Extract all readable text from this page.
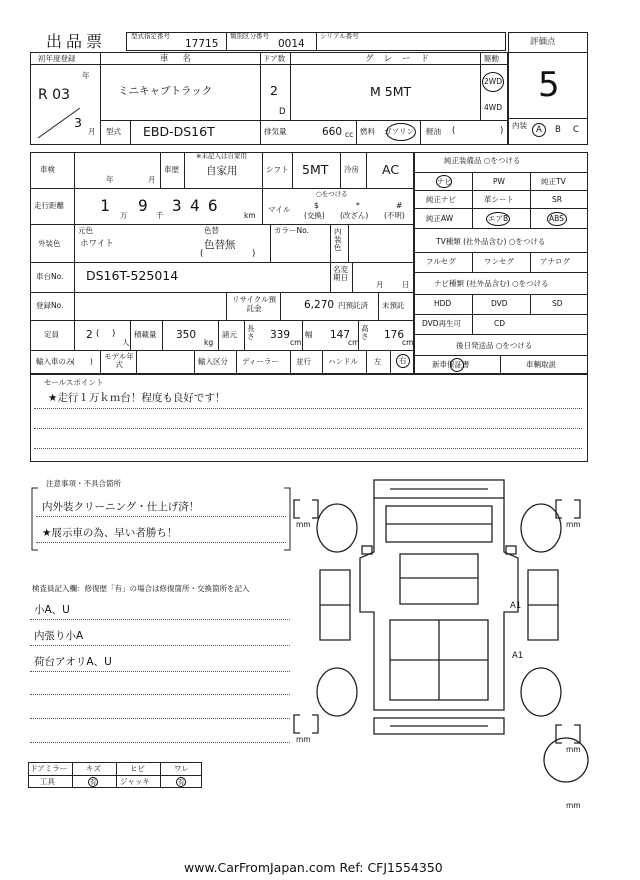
出品票	型式指定番号
17715
類別区分番号
0014
シリアル番号
評価点
5
内装 A B C
初年度登録
年
R 03
3
月
車名
ミニキャブトラック
ドア数
2
D
グレード
M 5MT
駆動
2WD
4WD
型式 EBD-DS16T	排気量	660 cc 燃料 ガソリン 軽油 (	)
車検
年	月
車歴
※未記入は自家用
自家用	シフト 5MT 冷房 AC
走行距離 1
万
9
千
3 4 6
km
○をつける
マイル	$
(交換)
*
(改ざん)
#
(不明)
外装色
元色
ホワイト
色替
色替無
(	)
カラーNo.	内装色
車台No. DS16T-525014	名変期日
月 日
登録No.
リサイクル預託金	6,270 円預託済 未預託
定員	2 ( )
人
積載量 350
kg
諸元
長さ 339
cm
幅 147
cm
高さ 176
cm
輸入車のみ
(　　)
モデル年式	輸入区分 ディーラー 並行 ハンドル 左 右
純正装備品 ○をつける
ナビ	PW	純正TV
純正ナビ	革シート	SR
純正AW	エアB	ABS
TV種類 (社外品含む) ○をつける
フルセグ	ワンセグ	アナログ
ナビ種類 (社外品含む) ○をつける
HDD	DVD	SD
DVD再生可	CD
後日発送品 ○をつける
新車保証書	車輌取説
セールスポイント
★走行１万ｋｍ台！程度も良好です！
注意事項・不具合箇所
内外装クリーニング・仕上げ済！
★展示車の為、早い者勝ち！
検査員記入欄：修復歴「有」の場合は修復箇所・交換箇所を記入
小A、U
内張り小A
荷台アオリA、U
ドアミラー キズ	ヒビ	ワレ
工具	有	ジャッキ	有
mm	mm
mm
mm
mm
A1
A1
www.CarFromJapan.com Ref: CFJ1554350
